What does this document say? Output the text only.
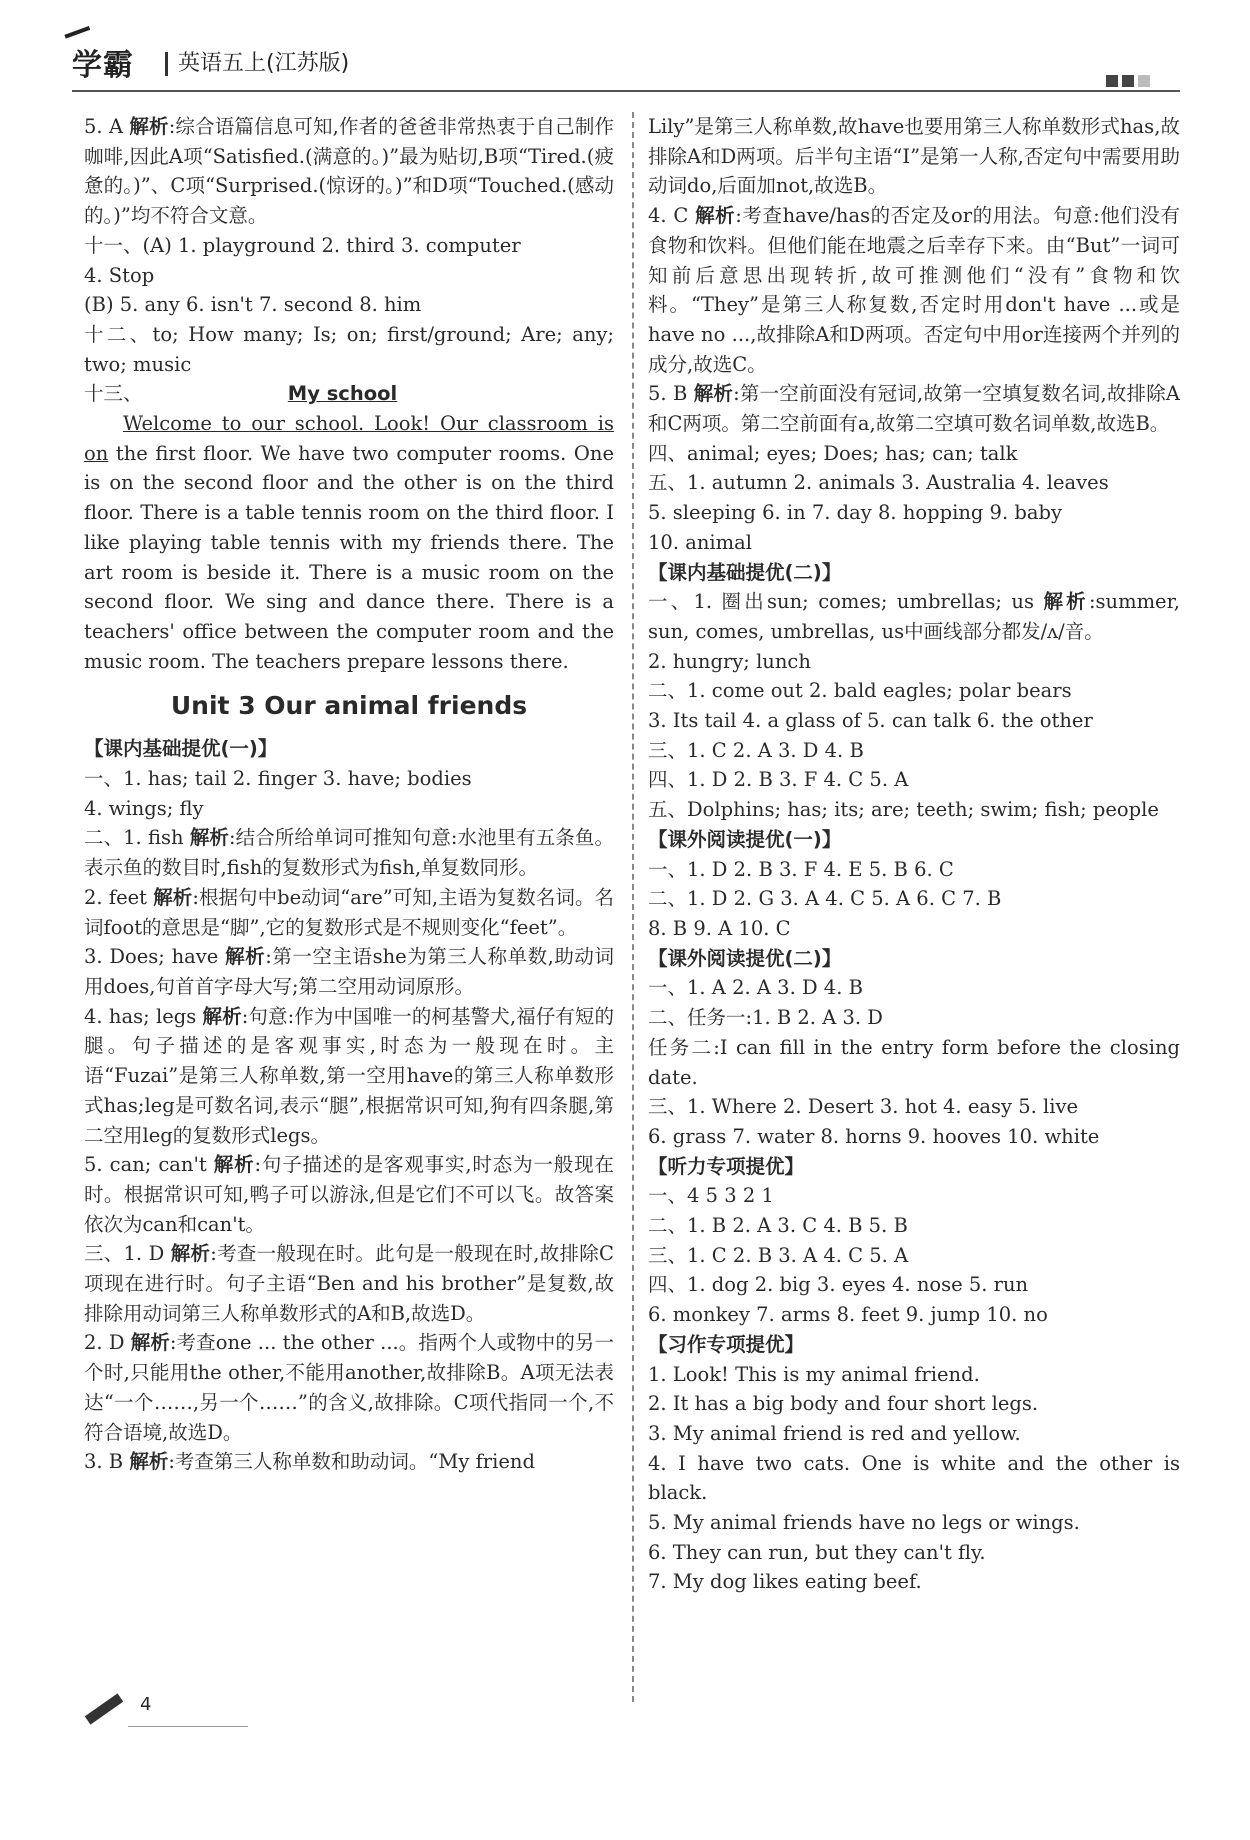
学霸 英语五上(江苏版)

5. A 解析:综合语篇信息可知,作者的爸爸非常热衷于自己制作咖啡,因此A项“Satisfied.(满意的。)”最为贴切,B项“Tired.(疲惫的。)”、C项“Surprised.(惊讶的。)”和D项“Touched.(感动的。)”均不符合文意。

十一、(A) 1. playground 2. third 3. computer

4. Stop

(B) 5. any 6. isn't 7. second 8. him

十二、to; How many; Is; on; first/ground; Are; any; two; music

十三、	My school

Welcome to our school. Look! Our classroom is on the first floor. We have two computer rooms. One is on the second floor and the other is on the third floor. There is a table tennis room on the third floor. I like playing table tennis with my friends there. The art room is beside it. There is a music room on the second floor. We sing and dance there. There is a teachers' office between the computer room and the music room. The teachers prepare lessons there.

Unit 3 Our animal friends

【课内基础提优(一)】

一、1. has; tail 2. finger 3. have; bodies

4. wings; fly

二、1. fish 解析:结合所给单词可推知句意:水池里有五条鱼。表示鱼的数目时,fish的复数形式为fish,单复数同形。

2. feet 解析:根据句中be动词“are”可知,主语为复数名词。名词foot的意思是“脚”,它的复数形式是不规则变化“feet”。

3. Does; have 解析:第一空主语she为第三人称单数,助动词用does,句首首字母大写;第二空用动词原形。

4. has; legs 解析:句意:作为中国唯一的柯基警犬,福仔有短的腿。句子描述的是客观事实,时态为一般现在时。主语“Fuzai”是第三人称单数,第一空用have的第三人称单数形式has;leg是可数名词,表示“腿”,根据常识可知,狗有四条腿,第二空用leg的复数形式legs。

5. can; can't 解析:句子描述的是客观事实,时态为一般现在时。根据常识可知,鸭子可以游泳,但是它们不可以飞。故答案依次为can和can't。

三、1. D 解析:考查一般现在时。此句是一般现在时,故排除C项现在进行时。句子主语“Ben and his brother”是复数,故排除用动词第三人称单数形式的A和B,故选D。

2. D 解析:考查one ... the other ...。指两个人或物中的另一个时,只能用the other,不能用another,故排除B。A项无法表达“一个……,另一个……”的含义,故排除。C项代指同一个,不符合语境,故选D。

3. B 解析:考查第三人称单数和助动词。“My friend

Lily”是第三人称单数,故have也要用第三人称单数形式has,故排除A和D两项。后半句主语“I”是第一人称,否定句中需要用助动词do,后面加not,故选B。

4. C 解析:考查have/has的否定及or的用法。句意:他们没有食物和饮料。但他们能在地震之后幸存下来。由“But”一词可知前后意思出现转折,故可推测他们“没有”食物和饮料。“They”是第三人称复数,否定时用don't have ...或是have no ...,故排除A和D两项。否定句中用or连接两个并列的成分,故选C。

5. B 解析:第一空前面没有冠词,故第一空填复数名词,故排除A和C两项。第二空前面有a,故第二空填可数名词单数,故选B。

四、animal; eyes; Does; has; can; talk

五、1. autumn 2. animals 3. Australia 4. leaves

5. sleeping 6. in 7. day 8. hopping 9. baby

10. animal

【课内基础提优(二)】

一、1. 圈出sun; comes; umbrellas; us 解析:summer, sun, comes, umbrellas, us中画线部分都发/ʌ/音。

2. hungry; lunch

二、1. come out 2. bald eagles; polar bears

3. Its tail 4. a glass of 5. can talk 6. the other

三、1. C 2. A 3. D 4. B

四、1. D 2. B 3. F 4. C 5. A

五、Dolphins; has; its; are; teeth; swim; fish; people

【课外阅读提优(一)】

一、1. D 2. B 3. F 4. E 5. B 6. C

二、1. D 2. G 3. A 4. C 5. A 6. C 7. B

8. B 9. A 10. C

【课外阅读提优(二)】

一、1. A 2. A 3. D 4. B

二、任务一:1. B 2. A 3. D

任务二:I can fill in the entry form before the closing date.

三、1. Where 2. Desert 3. hot 4. easy 5. live

6. grass 7. water 8. horns 9. hooves 10. white

【听力专项提优】

一、4 5 3 2 1

二、1. B 2. A 3. C 4. B 5. B

三、1. C 2. B 3. A 4. C 5. A

四、1. dog 2. big 3. eyes 4. nose 5. run

6. monkey 7. arms 8. feet 9. jump 10. no

【习作专项提优】

1. Look! This is my animal friend.

2. It has a big body and four short legs.

3. My animal friend is red and yellow.

4. I have two cats. One is white and the other is black.

5. My animal friends have no legs or wings.

6. They can run, but they can't fly.

7. My dog likes eating beef.

4
